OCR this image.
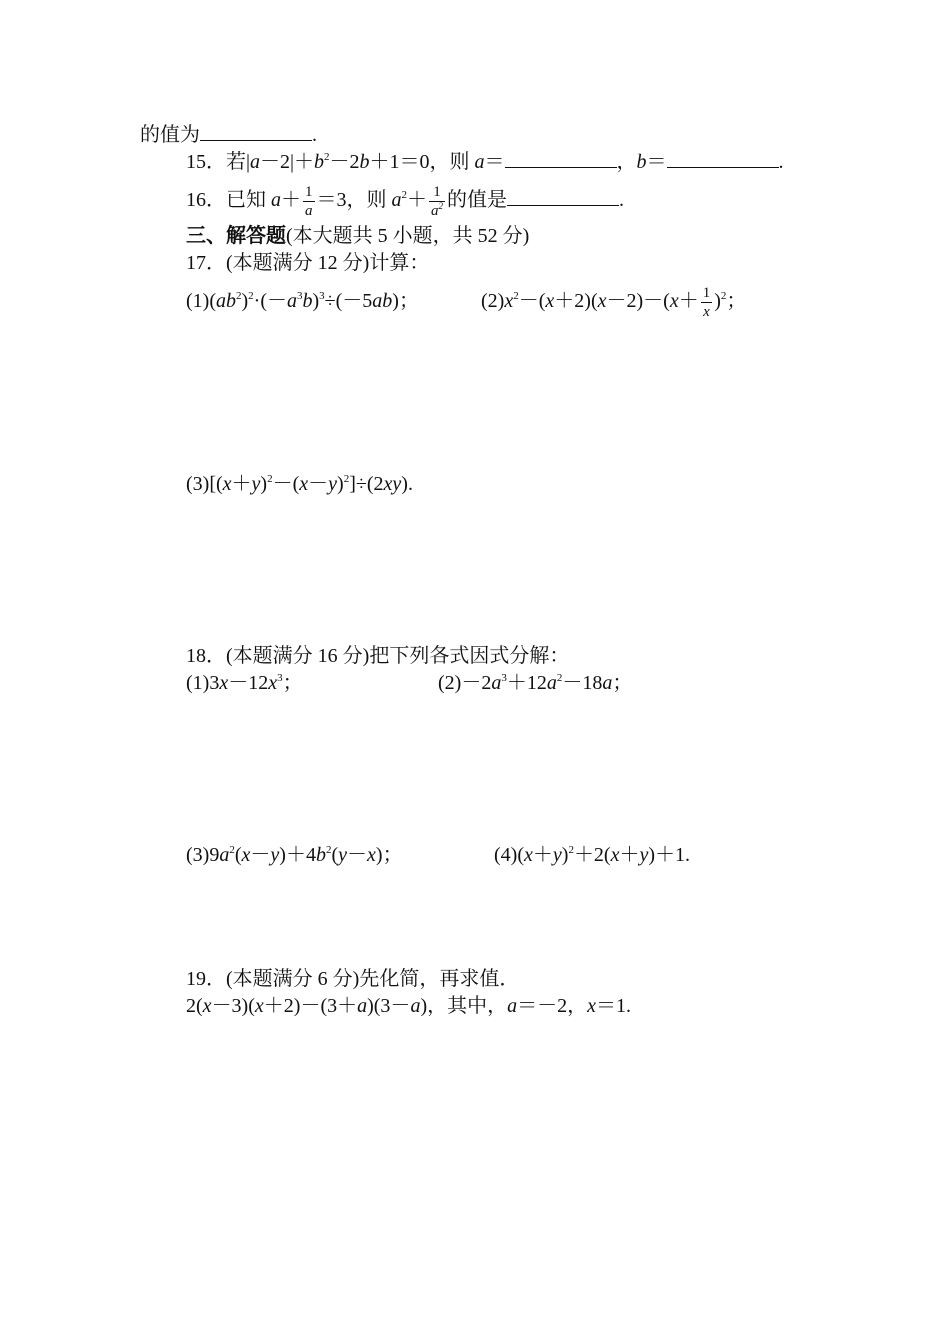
的值为	.
15．若$|a-2|+b^2-2b+1=0$，则 a＝	，b＝	.
16．已知 $a+ \frac{1}{a} =3$，则 $a^2+ \frac{1}{a^2}$ 的值是	.
三、解答题(本大题共 5 小题，共 52 分)
17．(本题满分 12 分)计算：
$(1)(ab^2)^2\cdot(-a^3b)^3\div(-5ab)$；	$(2)x^2-(x+2)(x-2)-(x+ \frac{1}{x} )^2$；
$(3)[(x+y)^2-(x-y)^2]\div(2xy)$.
18．(本题满分 16 分)把下列各式因式分解：
$(1)3x-12x^3$；	$(2)-2a^3+12a^2-18a$；
$(3)9a^2(x-y)+4b^2(y-x)$；	$(4)(x+y)^2+2(x+y)+1$.
19．(本题满分 6 分)先化简，再求值．
2(x－3)(x＋2)－(3＋a)(3－a)，其中，a＝－2，x＝1.
